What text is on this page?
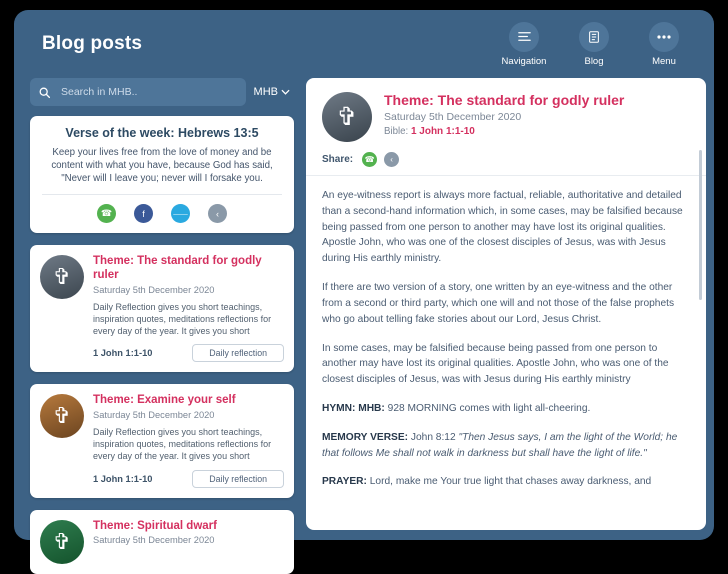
Blog posts
Navigation	Blog	Menu
Search in MHB..
MHB
Verse of the week: Hebrews 13:5
Keep your lives free from the love of money and be content with what you have, because God has said, "Never will I leave you; never will I forsake you.
☎	f	⸺	‹
✞
Theme: The standard for godly ruler
Saturday 5th December 2020
Daily Reflection gives you short teachings, inspiration quotes, meditations reflections for every day of the year. It gives you short
1 John 1:1-10	Daily reflection
✞
Theme: Examine your self
Saturday 5th December 2020
Daily Reflection gives you short teachings, inspiration quotes, meditations reflections for every day of the year. It gives you short
1 John 1:1-10	Daily reflection
✞
Theme: Spiritual dwarf
Saturday 5th December 2020
✞
Theme: The standard for godly ruler
Saturday 5th December 2020
Bible: 1 John 1:1-10
Share:	☎	‹

An eye-witness report is always more factual, reliable, authoritative and detailed than a second-hand information which, in some cases, may be falsified because being passed from one person to another may have lost its original qualities. Apostle John, who was one of the closest disciples of Jesus, was with Jesus during His earthly ministry.

If there are two version of a story, one written by an eye-witness and the other from a second or third party, which one will and not those of the false prophets who go about telling fake stories about our Lord, Jesus Christ.

In some cases, may be falsified because being passed from one person to another may have lost its original qualities. Apostle John, who was one of the closest disciples of Jesus, was with Jesus during His earthly ministry

HYMN: MHB: 928 MORNING comes with light all-cheering.

MEMORY VERSE: John 8:12 "Then Jesus says, I am the light of the World; he that follows Me shall not walk in darkness but shall have the light of life."

PRAYER: Lord, make me Your true light that chases away darkness, and
